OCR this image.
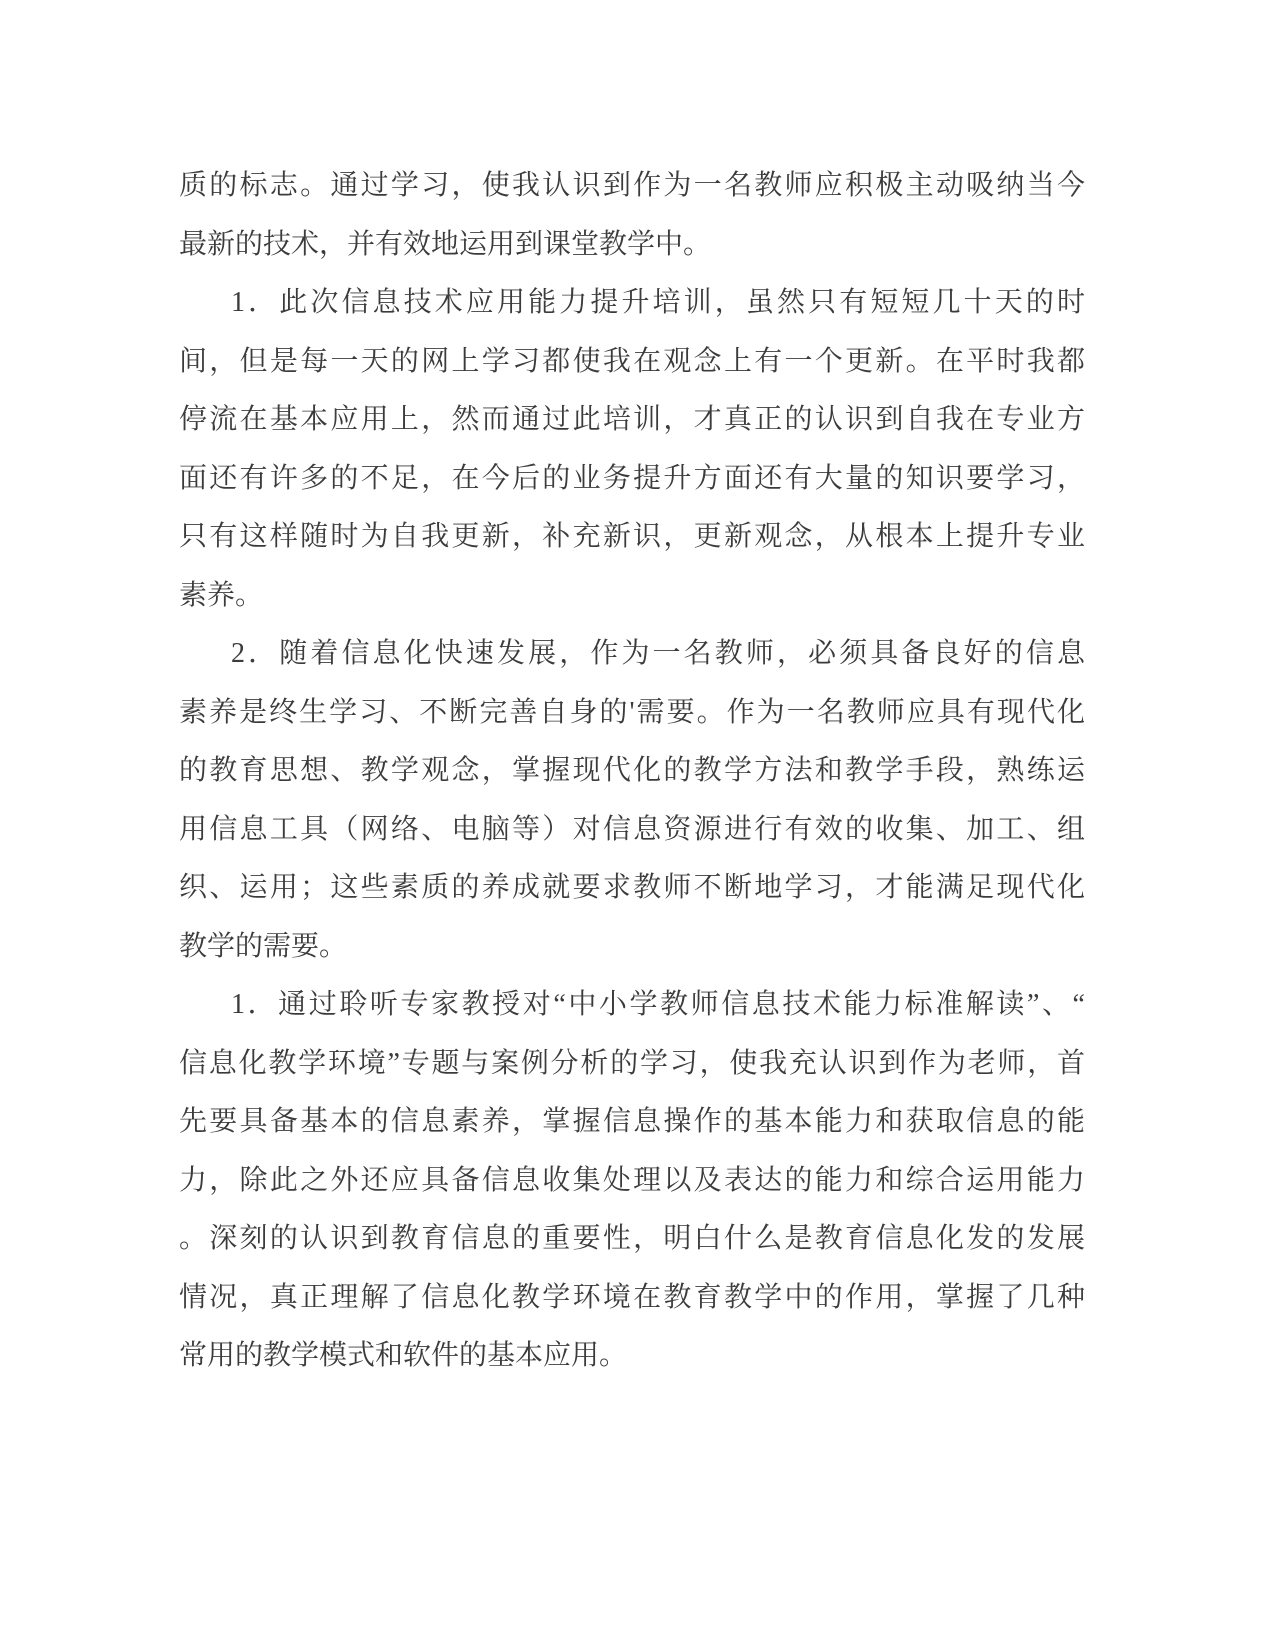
质的标志。通过学习，使我认识到作为一名教师应积极主动吸纳当今
最新的技术，并有效地运用到课堂教学中。
1．此次信息技术应用能力提升培训，虽然只有短短几十天的时
间，但是每一天的网上学习都使我在观念上有一个更新。在平时我都
停流在基本应用上，然而通过此培训，才真正的认识到自我在专业方
面还有许多的不足，在今后的业务提升方面还有大量的知识要学习，
只有这样随时为自我更新，补充新识，更新观念，从根本上提升专业
素养。
2．随着信息化快速发展，作为一名教师，必须具备良好的信息
素养是终生学习、不断完善自身的'需要。作为一名教师应具有现代化
的教育思想、教学观念，掌握现代化的教学方法和教学手段，熟练运
用信息工具（网络、电脑等）对信息资源进行有效的收集、加工、组
织、运用；这些素质的养成就要求教师不断地学习，才能满足现代化
教学的需要。
1．通过聆听专家教授对“中小学教师信息技术能力标准解读”、“
信息化教学环境”专题与案例分析的学习，使我充认识到作为老师，首
先要具备基本的信息素养，掌握信息操作的基本能力和获取信息的能
力，除此之外还应具备信息收集处理以及表达的能力和综合运用能力
。深刻的认识到教育信息的重要性，明白什么是教育信息化发的发展
情况，真正理解了信息化教学环境在教育教学中的作用，掌握了几种
常用的教学模式和软件的基本应用。
